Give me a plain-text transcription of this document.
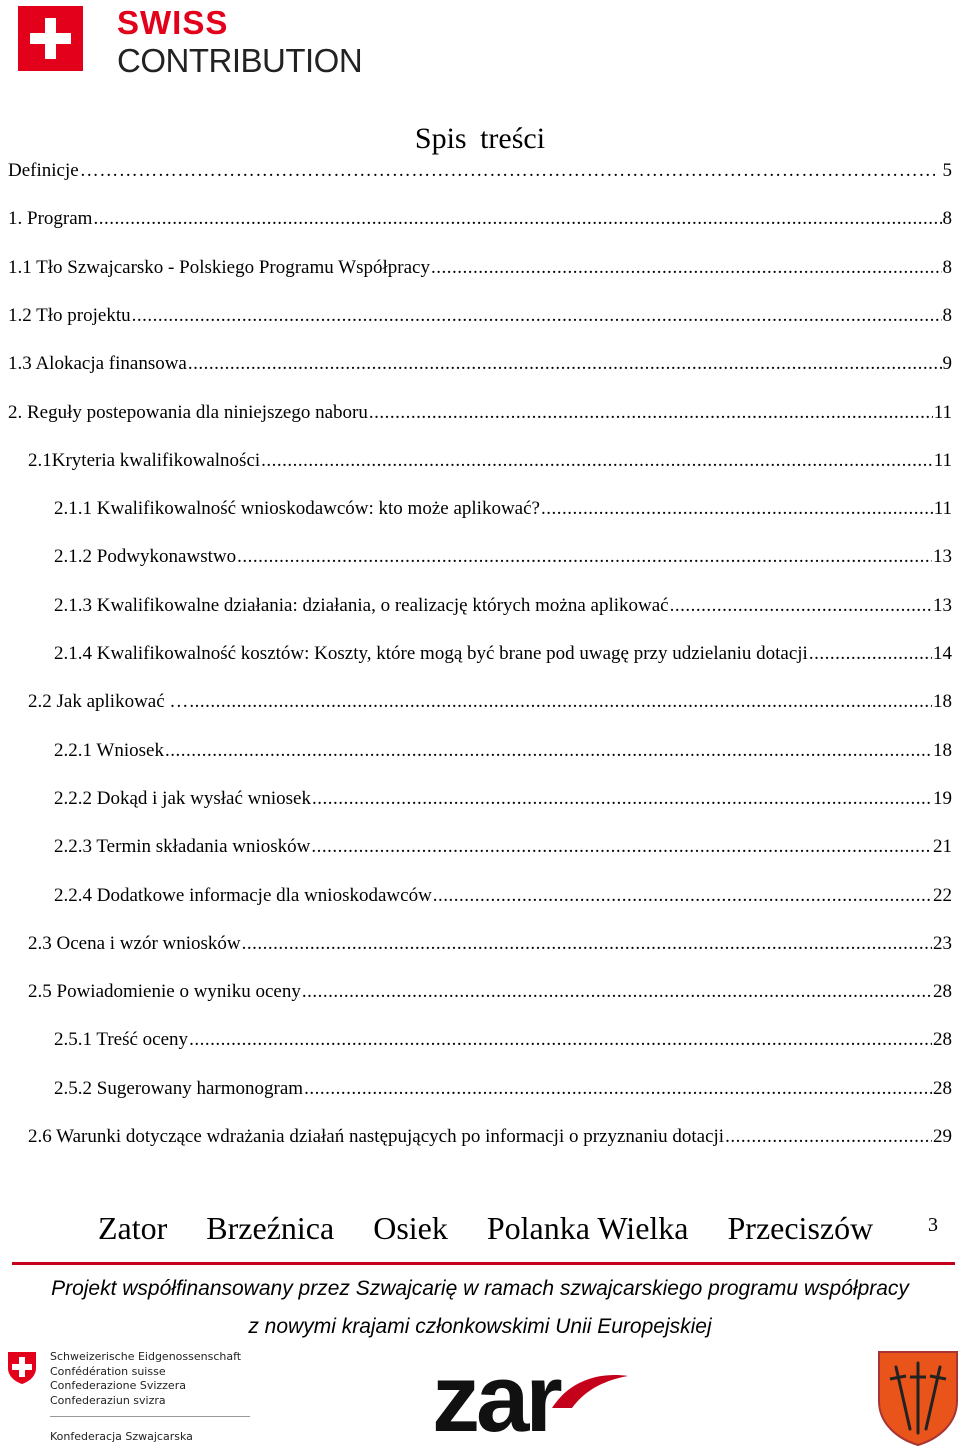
SWISS
CONTRIBUTION
Spis treści
Definicje …………………………………………………………………………………………………………………………………	5
1. Program .....	8
1.1 Tło Szwajcarsko - Polskiego Programu Współpracy .....	8
1.2 Tło projektu .....	8
1.3 Alokacja finansowa .....	9
2. Reguły postepowania dla niniejszego naboru .....	11
2.1Kryteria kwalifikowalności .....	11
2.1.1 Kwalifikowalność wnioskodawców: kto może aplikować? .....	11
2.1.2 Podwykonawstwo .....	13
2.1.3 Kwalifikowalne działania: działania, o realizację których można aplikować .....	13
2.1.4 Kwalifikowalność kosztów: Koszty, które mogą być brane pod uwagę przy udzielaniu dotacji .....	14
2.2 Jak aplikować … .....	18
2.2.1 Wniosek .....	18
2.2.2 Dokąd i jak wysłać wniosek .....	19
2.2.3 Termin składania wniosków .....	21
2.2.4 Dodatkowe informacje dla wnioskodawców .....	22
2.3 Ocena i wzór wniosków .....	23
2.5 Powiadomienie o wyniku oceny .....	28
2.5.1 Treść oceny .....	28
2.5.2 Sugerowany harmonogram .....	28
2.6 Warunki dotyczące wdrażania działań następujących po informacji o przyznaniu dotacji .....	29
Zator Brzeźnica Osiek Polanka Wielka Przeciszów	3
Projekt współfinansowany przez Szwajcarię w ramach szwajcarskiego programu współpracy
z nowymi krajami członkowskimi Unii Europejskiej
Schweizerische Eidgenossenschaft
Confédération suisse
Confederazione Svizzera
Confederaziun svizra
Konfederacja Szwajcarska zar
